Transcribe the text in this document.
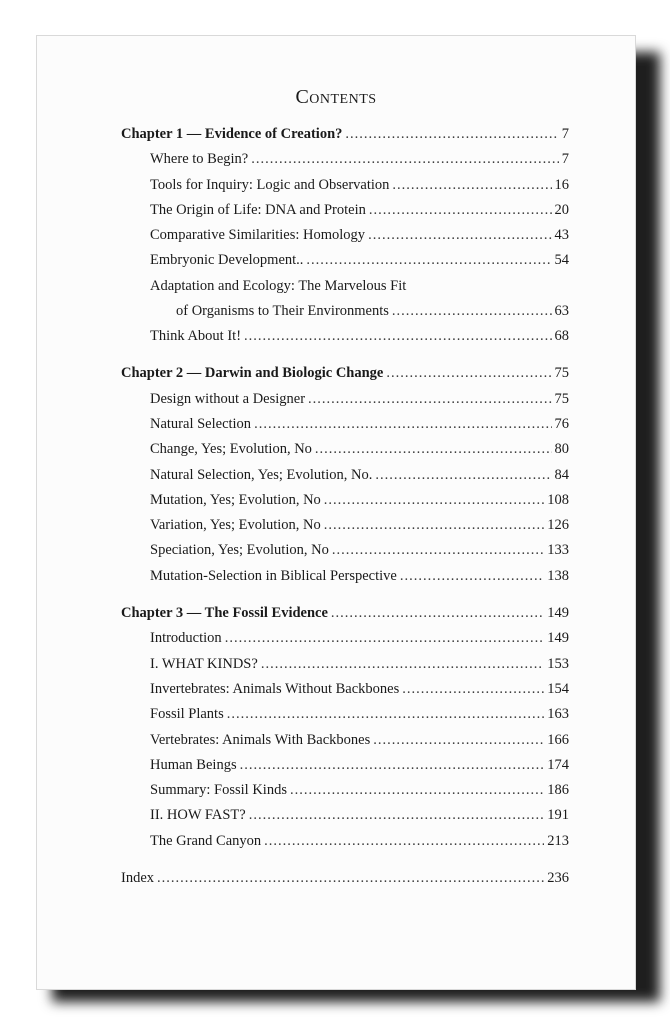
Contents
Chapter 1 — Evidence of Creation? .....	7
Where to Begin? .....	7
Tools for Inquiry: Logic and Observation .....	16
The Origin of Life: DNA and Protein .....	20
Comparative Similarities: Homology .....	43
Embryonic Development.. .....	54
Adaptation and Ecology: The Marvelous Fit
of Organisms to Their Environments .....	63
Think About It! .....	68
Chapter 2 — Darwin and Biologic Change .....	75
Design without a Designer .....	75
Natural Selection .....	76
Change, Yes; Evolution, No .....	80
Natural Selection, Yes; Evolution, No. .....	84
Mutation, Yes; Evolution, No .....	108
Variation, Yes; Evolution, No .....	126
Speciation, Yes; Evolution, No .....	133
Mutation-Selection in Biblical Perspective .....	138
Chapter 3 — The Fossil Evidence .....	149
Introduction .....	149
I. WHAT KINDS? .....	153
Invertebrates: Animals Without Backbones .....	154
Fossil Plants .....	163
Vertebrates: Animals With Backbones .....	166
Human Beings .....	174
Summary: Fossil Kinds .....	186
II. HOW FAST? .....	191
The Grand Canyon .....	213
Index .....	236
